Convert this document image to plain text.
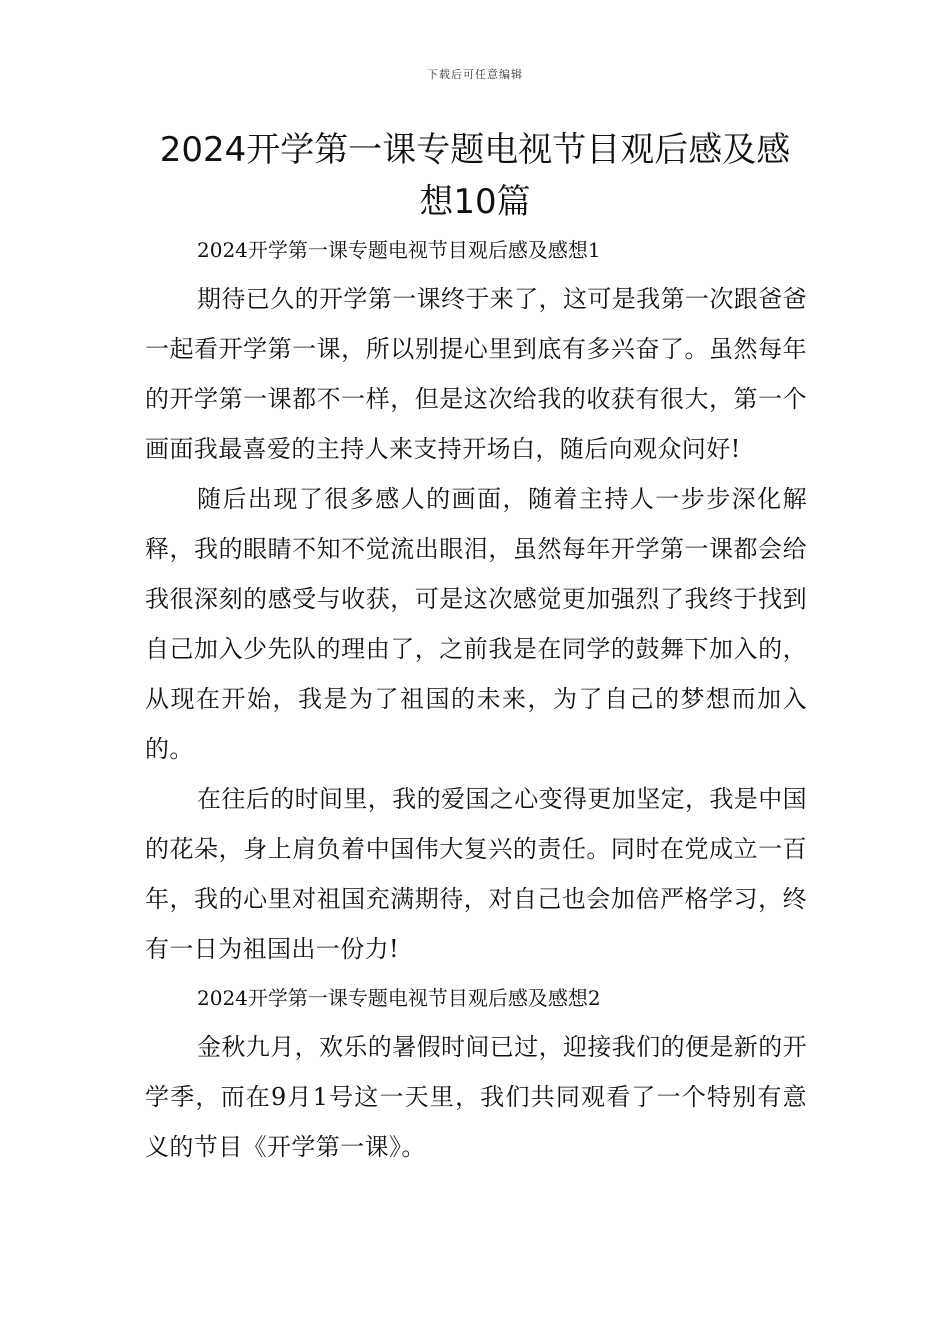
下载后可任意编辑
2024开学第一课专题电视节目观后感及感想10篇

2024开学第一课专题电视节目观后感及感想1

期待已久的开学第一课终于来了，这可是我第一次跟爸爸一起看开学第一课，所以别提心里到底有多兴奋了。虽然每年的开学第一课都不一样，但是这次给我的收获有很大，第一个画面我最喜爱的主持人来支持开场白，随后向观众问好!

随后出现了很多感人的画面，随着主持人一步步深化解释，我的眼睛不知不觉流出眼泪，虽然每年开学第一课都会给我很深刻的感受与收获，可是这次感觉更加强烈了我终于找到自己加入少先队的理由了，之前我是在同学的鼓舞下加入的，从现在开始，我是为了祖国的未来，为了自己的梦想而加入的。

在往后的时间里，我的爱国之心变得更加坚定，我是中国的花朵，身上肩负着中国伟大复兴的责任。同时在党成立一百年，我的心里对祖国充满期待，对自己也会加倍严格学习，终有一日为祖国出一份力!

2024开学第一课专题电视节目观后感及感想2

金秋九月，欢乐的暑假时间已过，迎接我们的便是新的开学季，而在9月1号这一天里，我们共同观看了一个特别有意义的节目《开学第一课》。
